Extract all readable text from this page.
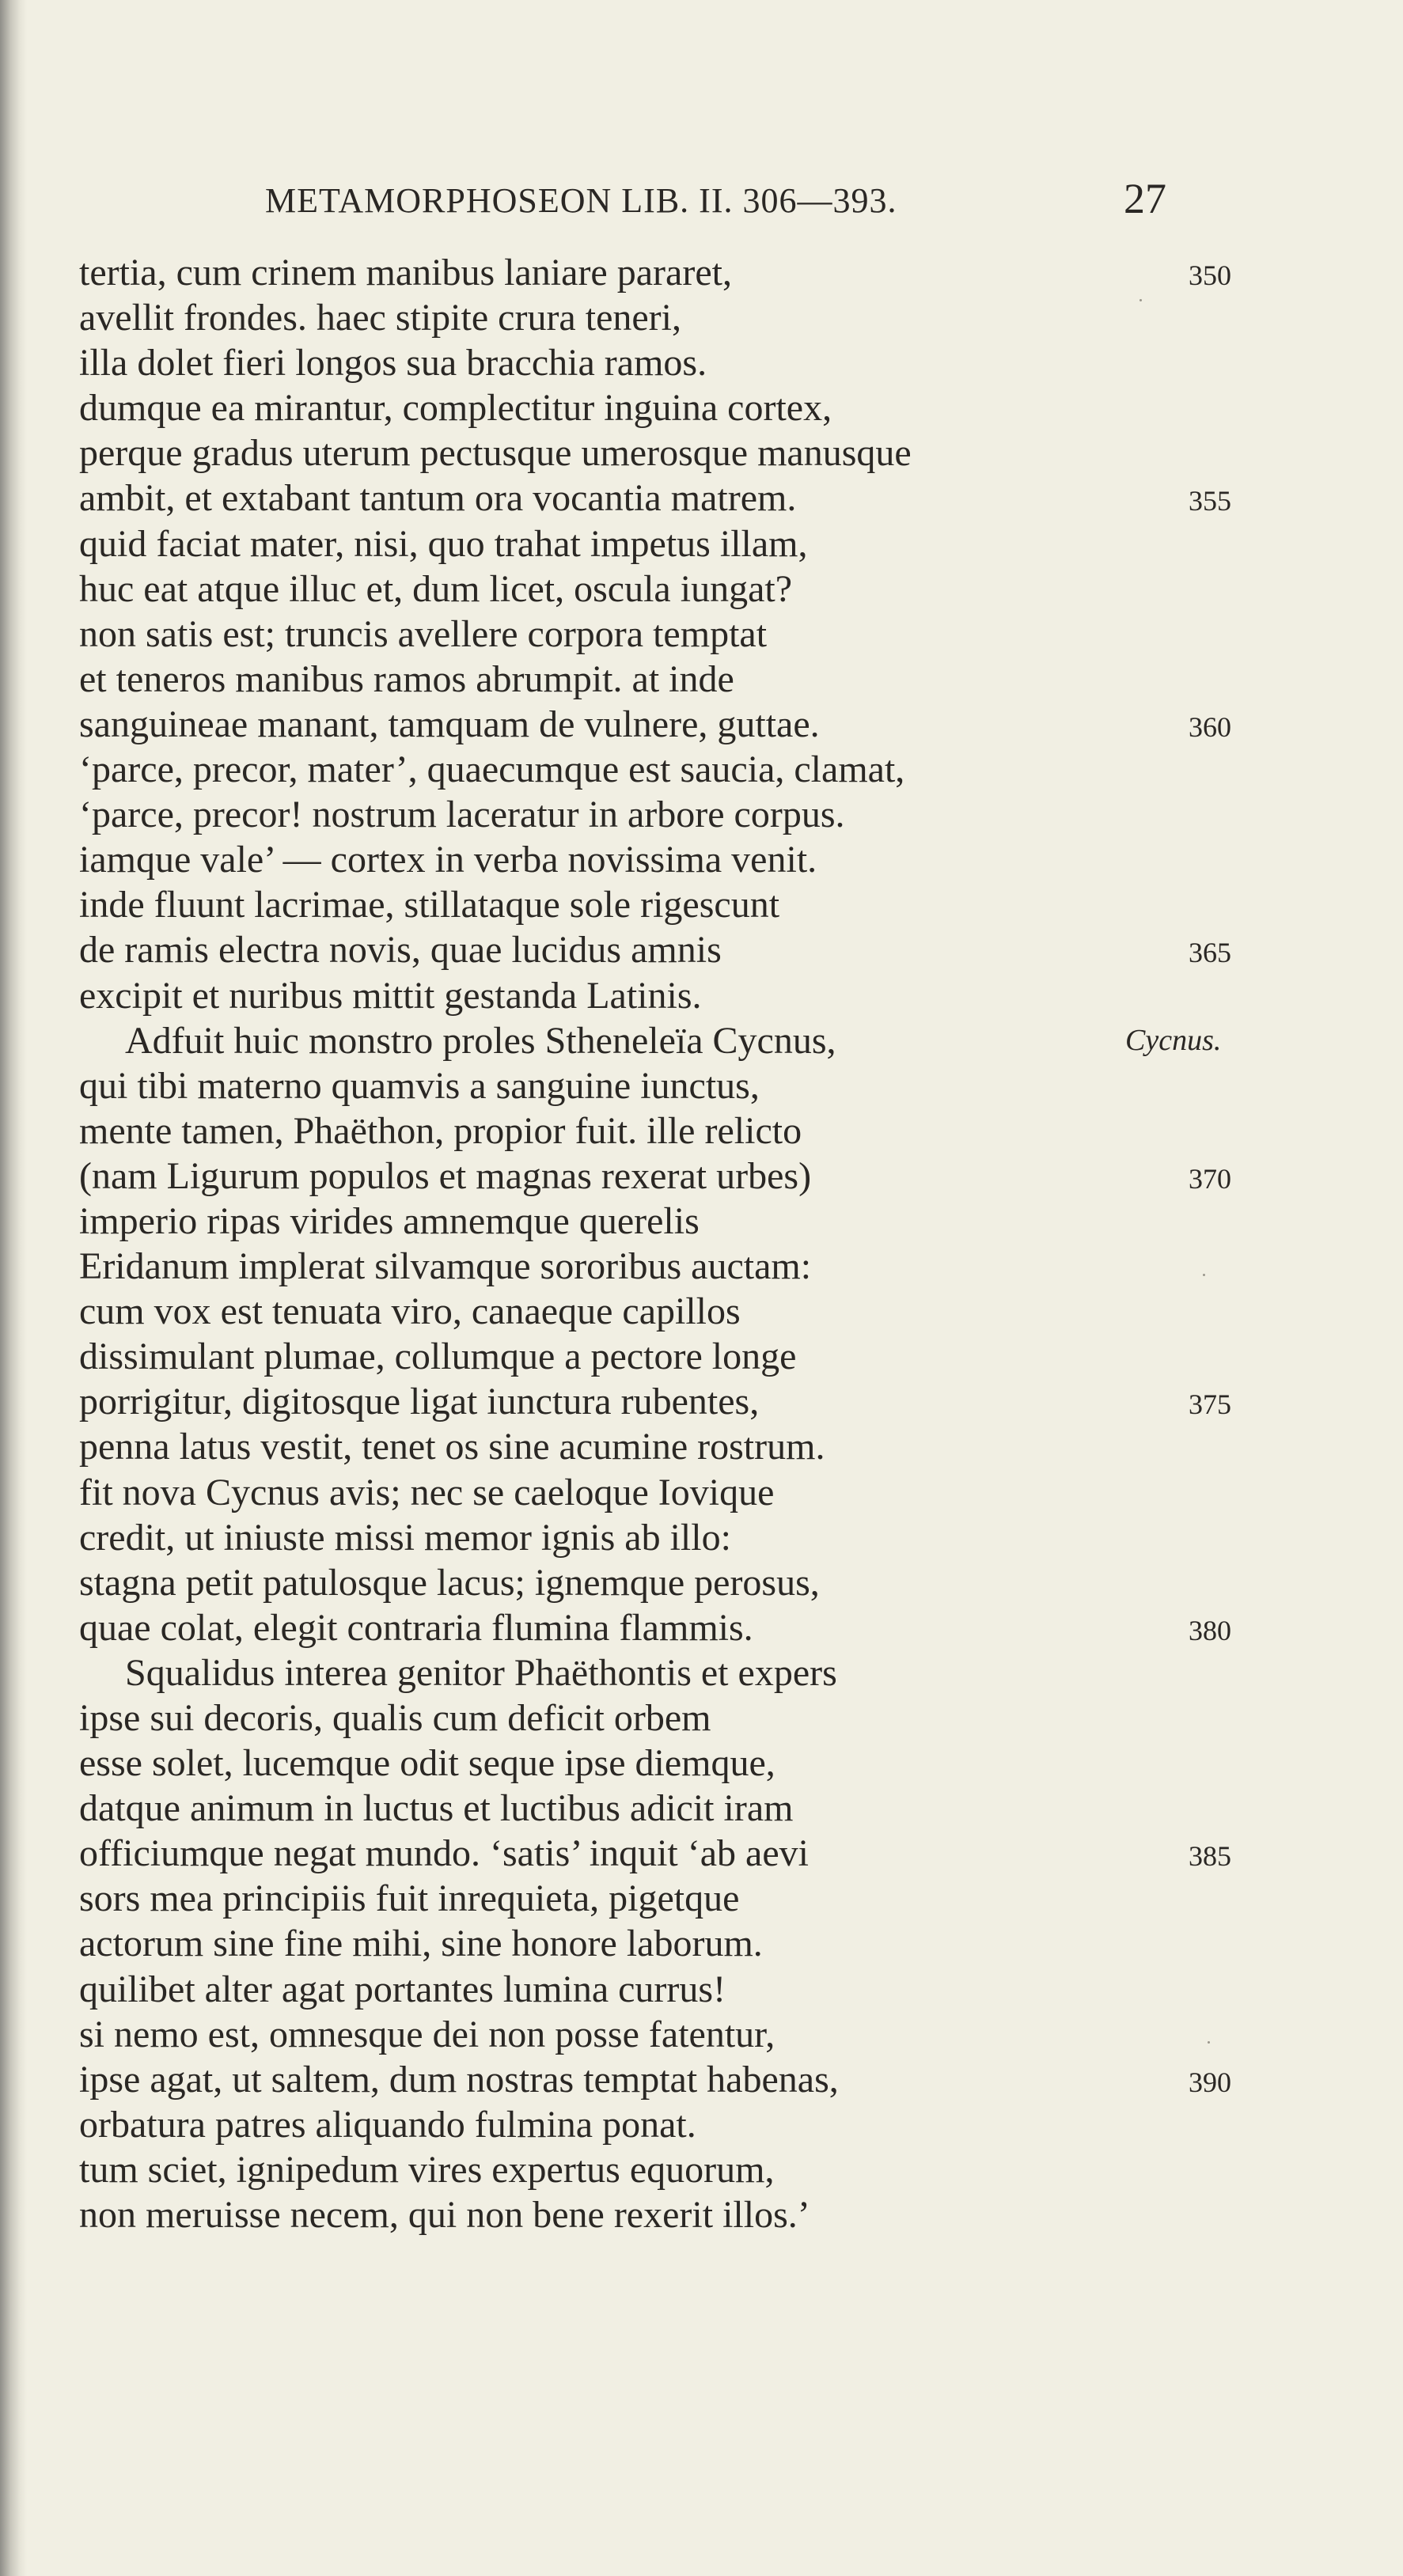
METAMORPHOSEON LIB. II. 306—393.	27
tertia, cum crinem manibus laniare pararet,	350
avellit frondes. haec stipite crura teneri,
illa dolet fieri longos sua bracchia ramos.
dumque ea mirantur, complectitur inguina cortex,
perque gradus uterum pectusque umerosque manusque
ambit, et extabant tantum ora vocantia matrem.	355
quid faciat mater, nisi, quo trahat impetus illam,
huc eat atque illuc et, dum licet, oscula iungat?
non satis est; truncis avellere corpora temptat
et teneros manibus ramos abrumpit. at inde
sanguineae manant, tamquam de vulnere, guttae.	360
‘parce, precor, mater’, quaecumque est saucia, clamat,
‘parce, precor! nostrum laceratur in arbore corpus.
iamque vale’ — cortex in verba novissima venit.
inde fluunt lacrimae, stillataque sole rigescunt
de ramis electra novis, quae lucidus amnis	365
excipit et nuribus mittit gestanda Latinis.
Adfuit huic monstro proles Stheneleïa Cycnus,	Cycnus.
qui tibi materno quamvis a sanguine iunctus,
mente tamen, Phaëthon, propior fuit. ille relicto
(nam Ligurum populos et magnas rexerat urbes)	370
imperio ripas virides amnemque querelis
Eridanum implerat silvamque sororibus auctam:
cum vox est tenuata viro, canaeque capillos
dissimulant plumae, collumque a pectore longe
porrigitur, digitosque ligat iunctura rubentes,	375
penna latus vestit, tenet os sine acumine rostrum.
fit nova Cycnus avis; nec se caeloque Iovique
credit, ut iniuste missi memor ignis ab illo:
stagna petit patulosque lacus; ignemque perosus,
quae colat, elegit contraria flumina flammis.	380
Squalidus interea genitor Phaëthontis et expers
ipse sui decoris, qualis cum deficit orbem
esse solet, lucemque odit seque ipse diemque,
datque animum in luctus et luctibus adicit iram
officiumque negat mundo. ‘satis’ inquit ‘ab aevi	385
sors mea principiis fuit inrequieta, pigetque
actorum sine fine mihi, sine honore laborum.
quilibet alter agat portantes lumina currus!
si nemo est, omnesque dei non posse fatentur,
ipse agat, ut saltem, dum nostras temptat habenas,	390
orbatura patres aliquando fulmina ponat.
tum sciet, ignipedum vires expertus equorum,
non meruisse necem, qui non bene rexerit illos.’
